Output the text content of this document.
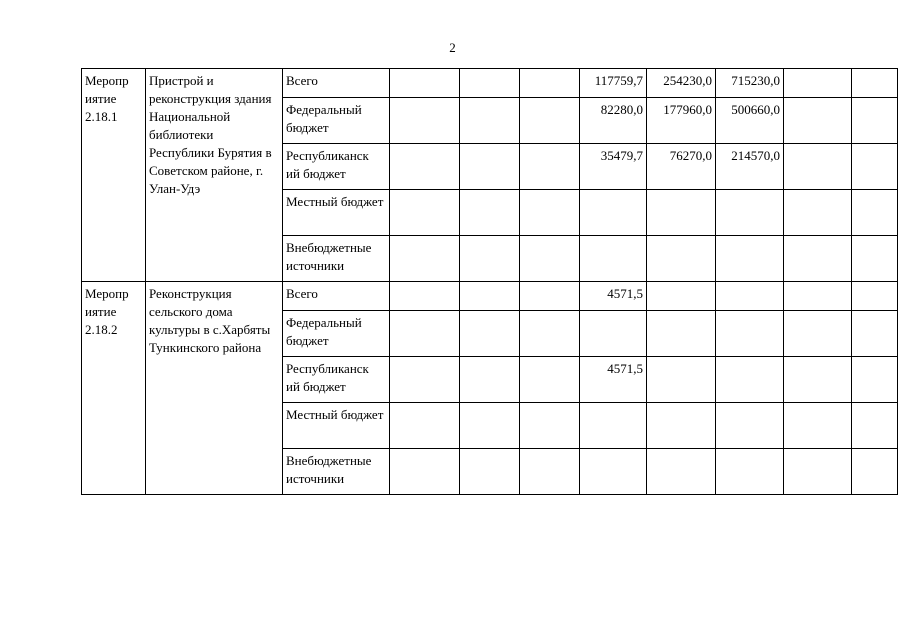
2
Меропр иятие 2.18.1	Пристрой и реконструкция здания Национальной библиотеки Республики Бурятия в Советском районе, г. Улан-Удэ	Всего				117759,7	254230,0	715230,0		
		Федеральный бюджет				82280,0	177960,0	500660,0		
		Республиканск ий бюджет				35479,7	76270,0	214570,0		
		Местный бюджет								
		Внебюджетные источники								
Меропр иятие 2.18.2	Реконструкция сельского дома культуры в с.Харбяты Тункинского района	Всего				4571,5				
		Федеральный бюджет								
		Республиканск ий бюджет				4571,5				
		Местный бюджет								
		Внебюджетные источники								
